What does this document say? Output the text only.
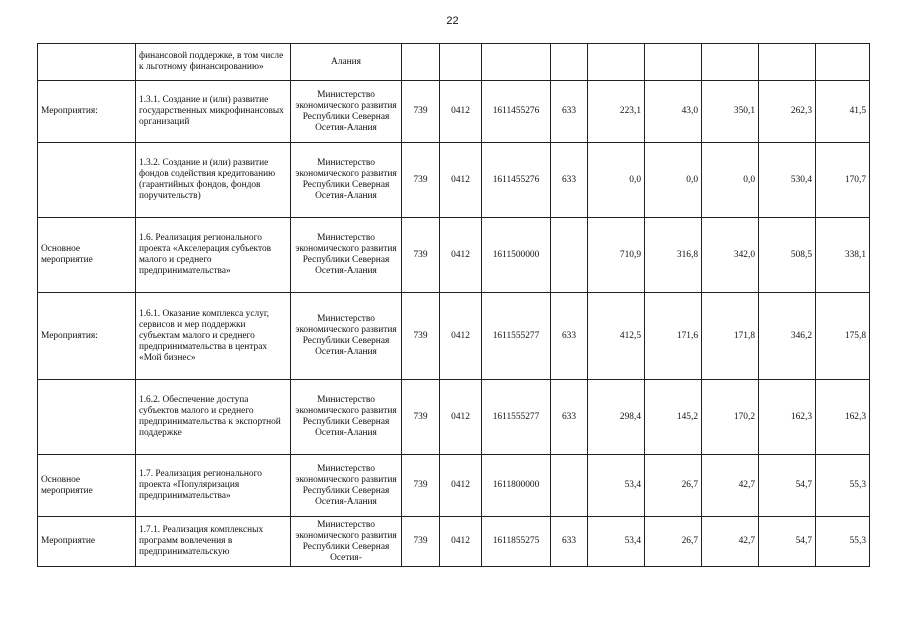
22
	финансовой поддержке, в том числе к льготному финансированию»	Алания									
Мероприятия:	1.3.1. Создание и (или) развитие государственных микрофинансовых организаций	Министерство экономического развития Республики Северная Осетия-Алания	739	0412	1611455276	633	223,1	43,0	350,1	262,3	41,5
	1.3.2. Создание и (или) развитие фондов содействия кредитованию (гарантийных фондов, фондов поручительств)	Министерство экономического развития Республики Северная Осетия-Алания	739	0412	1611455276	633	0,0	0,0	0,0	530,4	170,7
Основное мероприятие	1.6. Реализация регионального проекта «Акселерация субъектов малого и среднего предпринимательства»	Министерство экономического развития Республики Северная Осетия-Алания	739	0412	1611500000		710,9	316,8	342,0	508,5	338,1
Мероприятия:	1.6.1. Оказание комплекса услуг, сервисов и мер поддержки субъектам малого и среднего предпринимательства в центрах «Мой бизнес»	Министерство экономического развития Республики Северная Осетия-Алания	739	0412	1611555277	633	412,5	171,6	171,8	346,2	175,8
	1.6.2. Обеспечение доступа субъектов малого и среднего предпринимательства к экспортной поддержке	Министерство экономического развития Республики Северная Осетия-Алания	739	0412	1611555277	633	298,4	145,2	170,2	162,3	162,3
Основное мероприятие	1.7. Реализация регионального проекта «Популяризация предпринимательства»	Министерство экономического развития Республики Северная Осетия-Алания	739	0412	1611800000		53,4	26,7	42,7	54,7	55,3
Мероприятие	1.7.1. Реализация комплексных программ вовлечения в предпринимательскую	Министерство экономического развития Республики Северная Осетия-	739	0412	1611855275	633	53,4	26,7	42,7	54,7	55,3
